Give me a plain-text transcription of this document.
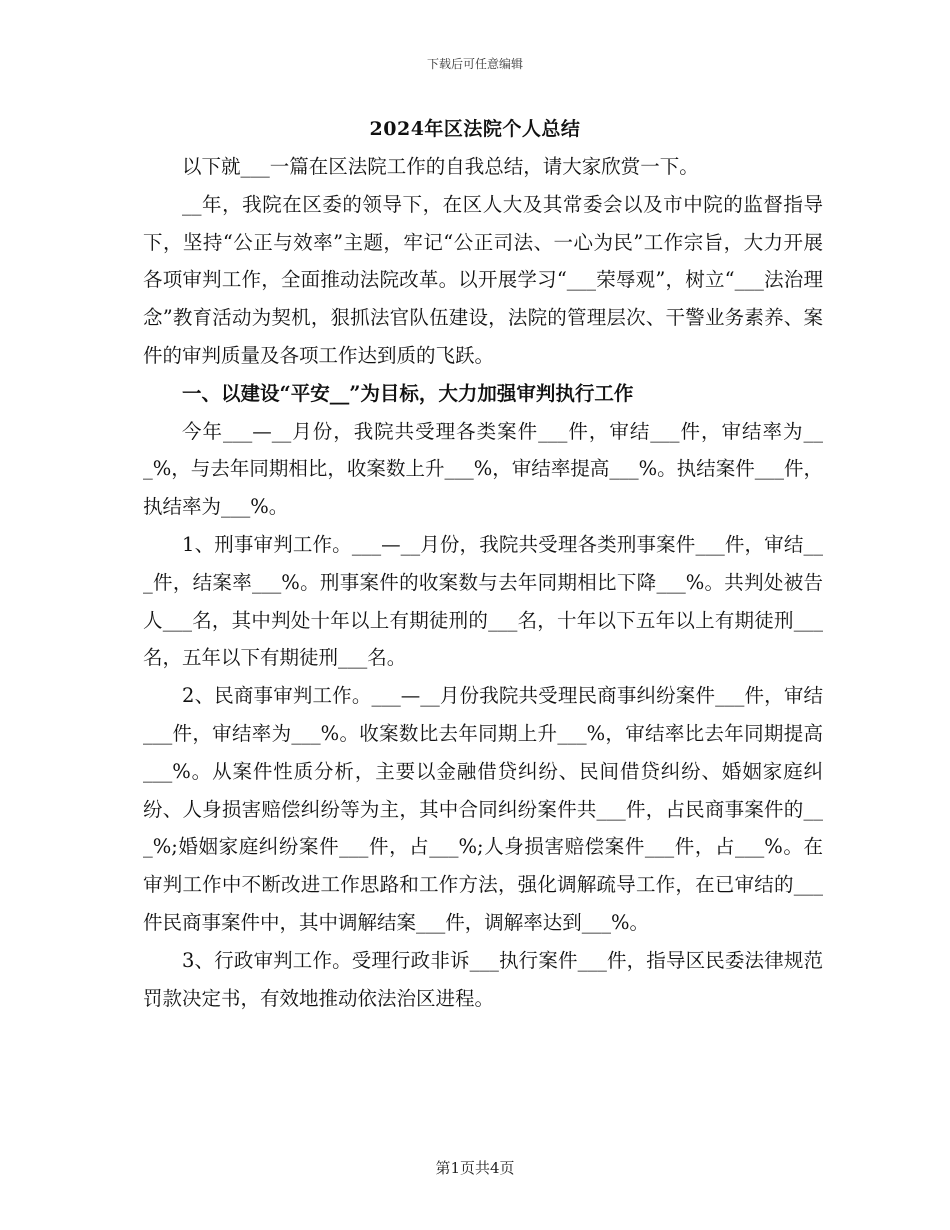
下载后可任意编辑
2024年区法院个人总结

以下就___一篇在区法院工作的自我总结，请大家欣赏一下。

__年，我院在区委的领导下，在区人大及其常委会以及市中院的监督指导下，坚持“公正与效率”主题，牢记“公正司法、一心为民”工作宗旨，大力开展各项审判工作，全面推动法院改革。以开展学习“___荣辱观”，树立“___法治理念”教育活动为契机，狠抓法官队伍建设，法院的管理层次、干警业务素养、案件的审判质量及各项工作达到质的飞跃。

一、以建设“平安__”为目标，大力加强审判执行工作

今年___—__月份，我院共受理各类案件___件，审结___件，审结率为___%，与去年同期相比，收案数上升___%，审结率提高___%。执结案件___件，执结率为___%。

1、刑事审判工作。___—__月份，我院共受理各类刑事案件___件，审结___件，结案率___%。刑事案件的收案数与去年同期相比下降___%。共判处被告人___名，其中判处十年以上有期徒刑的___名，十年以下五年以上有期徒刑___名，五年以下有期徒刑___名。

2、民商事审判工作。___—__月份我院共受理民商事纠纷案件___件，审结___件，审结率为___%。收案数比去年同期上升___%，审结率比去年同期提高___%。从案件性质分析，主要以金融借贷纠纷、民间借贷纠纷、婚姻家庭纠纷、人身损害赔偿纠纷等为主，其中合同纠纷案件共___件，占民商事案件的___%;婚姻家庭纠纷案件___件，占___%;人身损害赔偿案件___件，占___%。在审判工作中不断改进工作思路和工作方法，强化调解疏导工作，在已审结的___件民商事案件中，其中调解结案___件，调解率达到___%。

3、行政审判工作。受理行政非诉___执行案件___件，指导区民委法律规范罚款决定书，有效地推动依法治区进程。

第1页共4页
